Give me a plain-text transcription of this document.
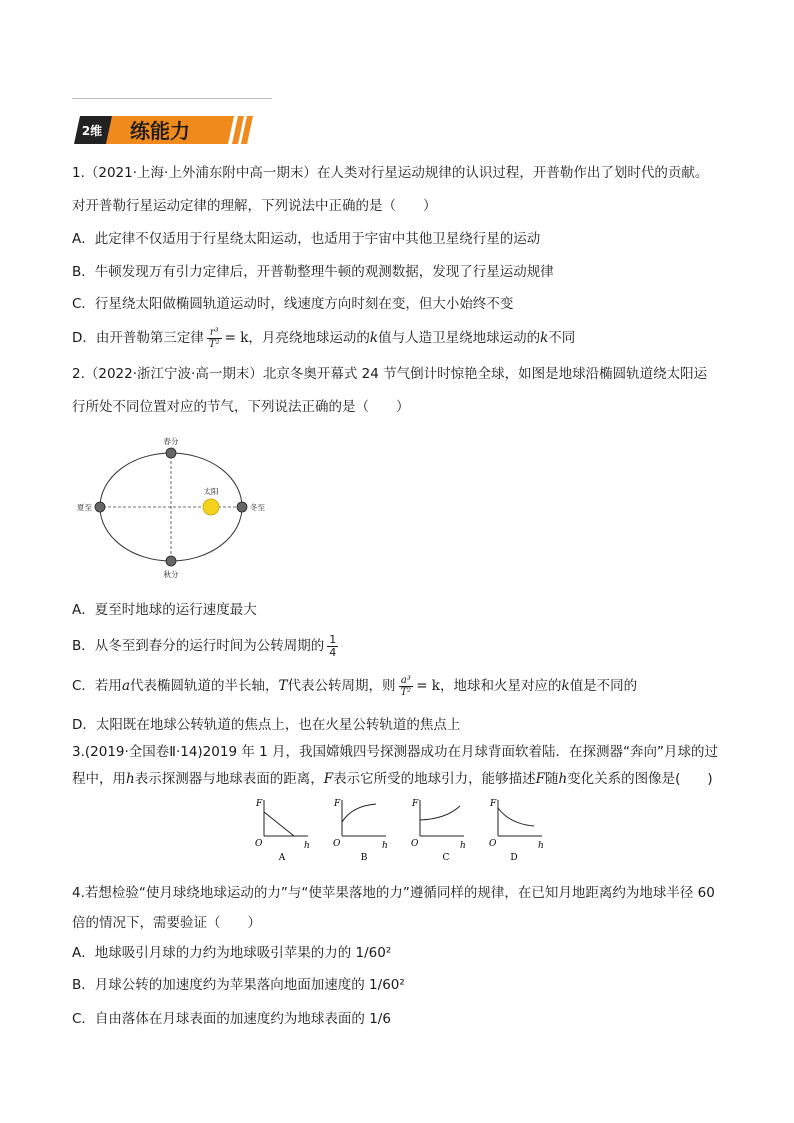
2维 练能力
1.（2021·上海·上外浦东附中高一期末）在人类对行星运动规律的认识过程，开普勒作出了划时代的贡献。
对开普勒行星运动定律的理解，下列说法中正确的是（　　）
A．此定律不仅适用于行星绕太阳运动，也适用于宇宙中其他卫星绕行星的运动
B．牛顿发现万有引力定律后，开普勒整理牛顿的观测数据，发现了行星运动规律
C．行星绕太阳做椭圆轨道运动时，线速度方向时刻在变，但大小始终不变
D．由开普勒第三定律 $\frac{\text{r³}}{\text{T²}} = k$，月亮绕地球运动的k值与人造卫星绕地球运动的k不同
2.（2022·浙江宁波·高一期末）北京冬奥开幕式 24 节气倒计时惊艳全球，如图是地球沿椭圆轨道绕太阳运
行所处不同位置对应的节气，下列说法正确的是（　　）
春分
秋分
夏至	冬至
太阳
A．夏至时地球的运行速度最大
B．从冬至到春分的运行时间为公转周期的 $\frac{1}{4}$
C．若用a代表椭圆轨道的半长轴，T代表公转周期，则 $\frac{\text{a³}}{\text{T²}} = k$，地球和火星对应的k值是不同的
D．太阳既在地球公转轨道的焦点上，也在火星公转轨道的焦点上
3.(2019·全国卷Ⅱ·14)2019 年 1 月，我国嫦娥四号探测器成功在月球背面软着陆．在探测器“奔向”月球的过
程中，用h表示探测器与地球表面的距离，F表示它所受的地球引力，能够描述F随h变化关系的图像是(　　)
F
h
O
A
F
h
O
B
F
h
O
C
F
h
O
D
4.若想检验“使月球绕地球运动的力”与“使苹果落地的力”遵循同样的规律，在已知月地距离约为地球半径 60
倍的情况下，需要验证（　　）
A．地球吸引月球的力约为地球吸引苹果的力的 1/60²
B．月球公转的加速度约为苹果落向地面加速度的 1/60²
C．自由落体在月球表面的加速度约为地球表面的 1/6
